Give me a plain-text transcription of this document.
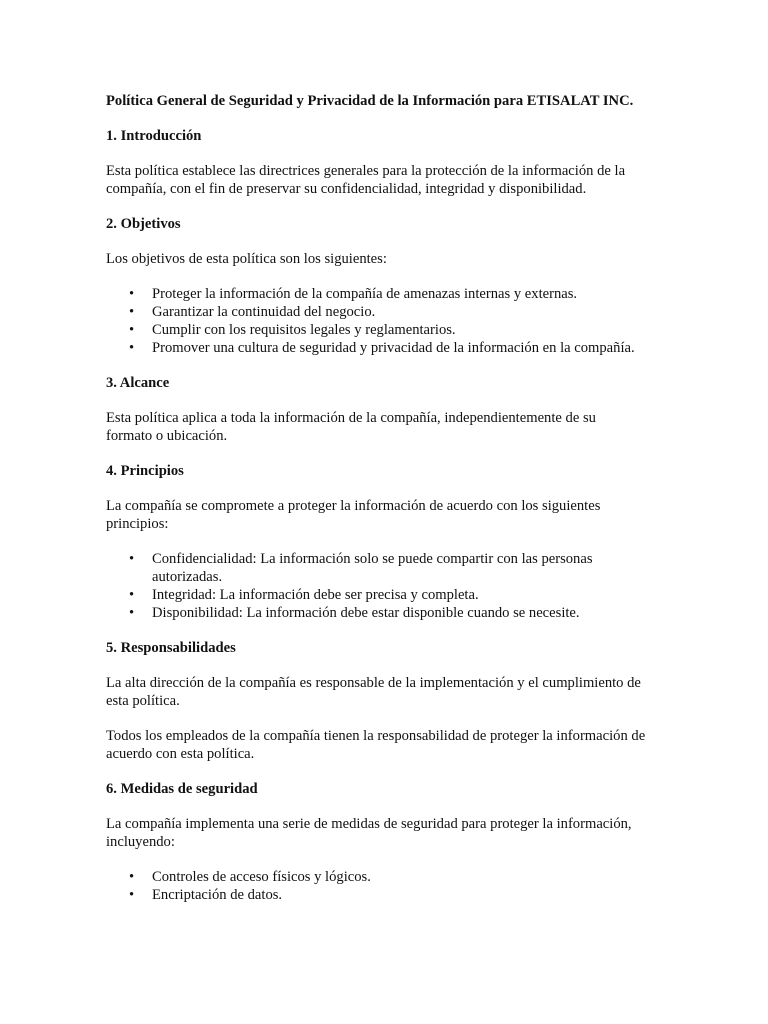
Política General de Seguridad y Privacidad de la Información para ETISALAT INC.

1. Introducción

Esta política establece las directrices generales para la protección de la información de la compañía, con el fin de preservar su confidencialidad, integridad y disponibilidad.

2. Objetivos

Los objetivos de esta política son los siguientes:

• Proteger la información de la compañía de amenazas internas y externas.
• Garantizar la continuidad del negocio.
• Cumplir con los requisitos legales y reglamentarios.
• Promover una cultura de seguridad y privacidad de la información en la compañía.

3. Alcance

Esta política aplica a toda la información de la compañía, independientemente de su formato o ubicación.

4. Principios

La compañía se compromete a proteger la información de acuerdo con los siguientes principios:

• Confidencialidad: La información solo se puede compartir con las personas autorizadas.
• Integridad: La información debe ser precisa y completa.
• Disponibilidad: La información debe estar disponible cuando se necesite.

5. Responsabilidades

La alta dirección de la compañía es responsable de la implementación y el cumplimiento de esta política.

Todos los empleados de la compañía tienen la responsabilidad de proteger la información de acuerdo con esta política.

6. Medidas de seguridad

La compañía implementa una serie de medidas de seguridad para proteger la información, incluyendo:

• Controles de acceso físicos y lógicos.
• Encriptación de datos.
